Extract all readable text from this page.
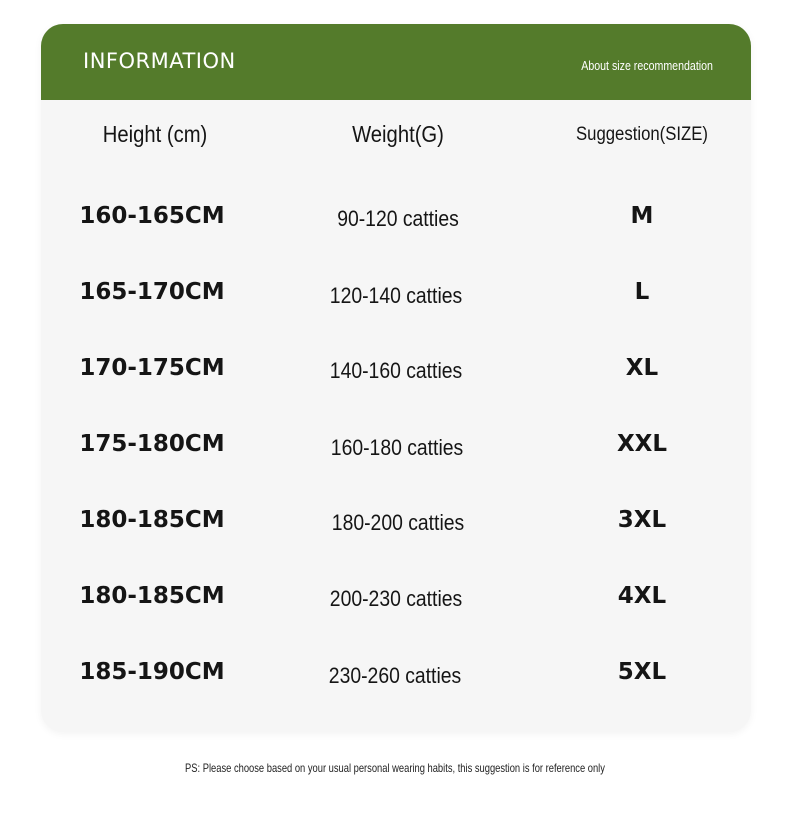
INFORMATION	About size recommendation
Height (cm)	Weight(G)	Suggestion(SIZE)
160-165CM	90-120 catties	M
165-170CM	120-140 catties	L
170-175CM	140-160 catties	XL
175-180CM	160-180 catties	XXL
180-185CM	180-200 catties	3XL
180-185CM	200-230 catties	4XL
185-190CM	230-260 catties	5XL
PS: Please choose based on your usual personal wearing habits, this suggestion is for reference only
